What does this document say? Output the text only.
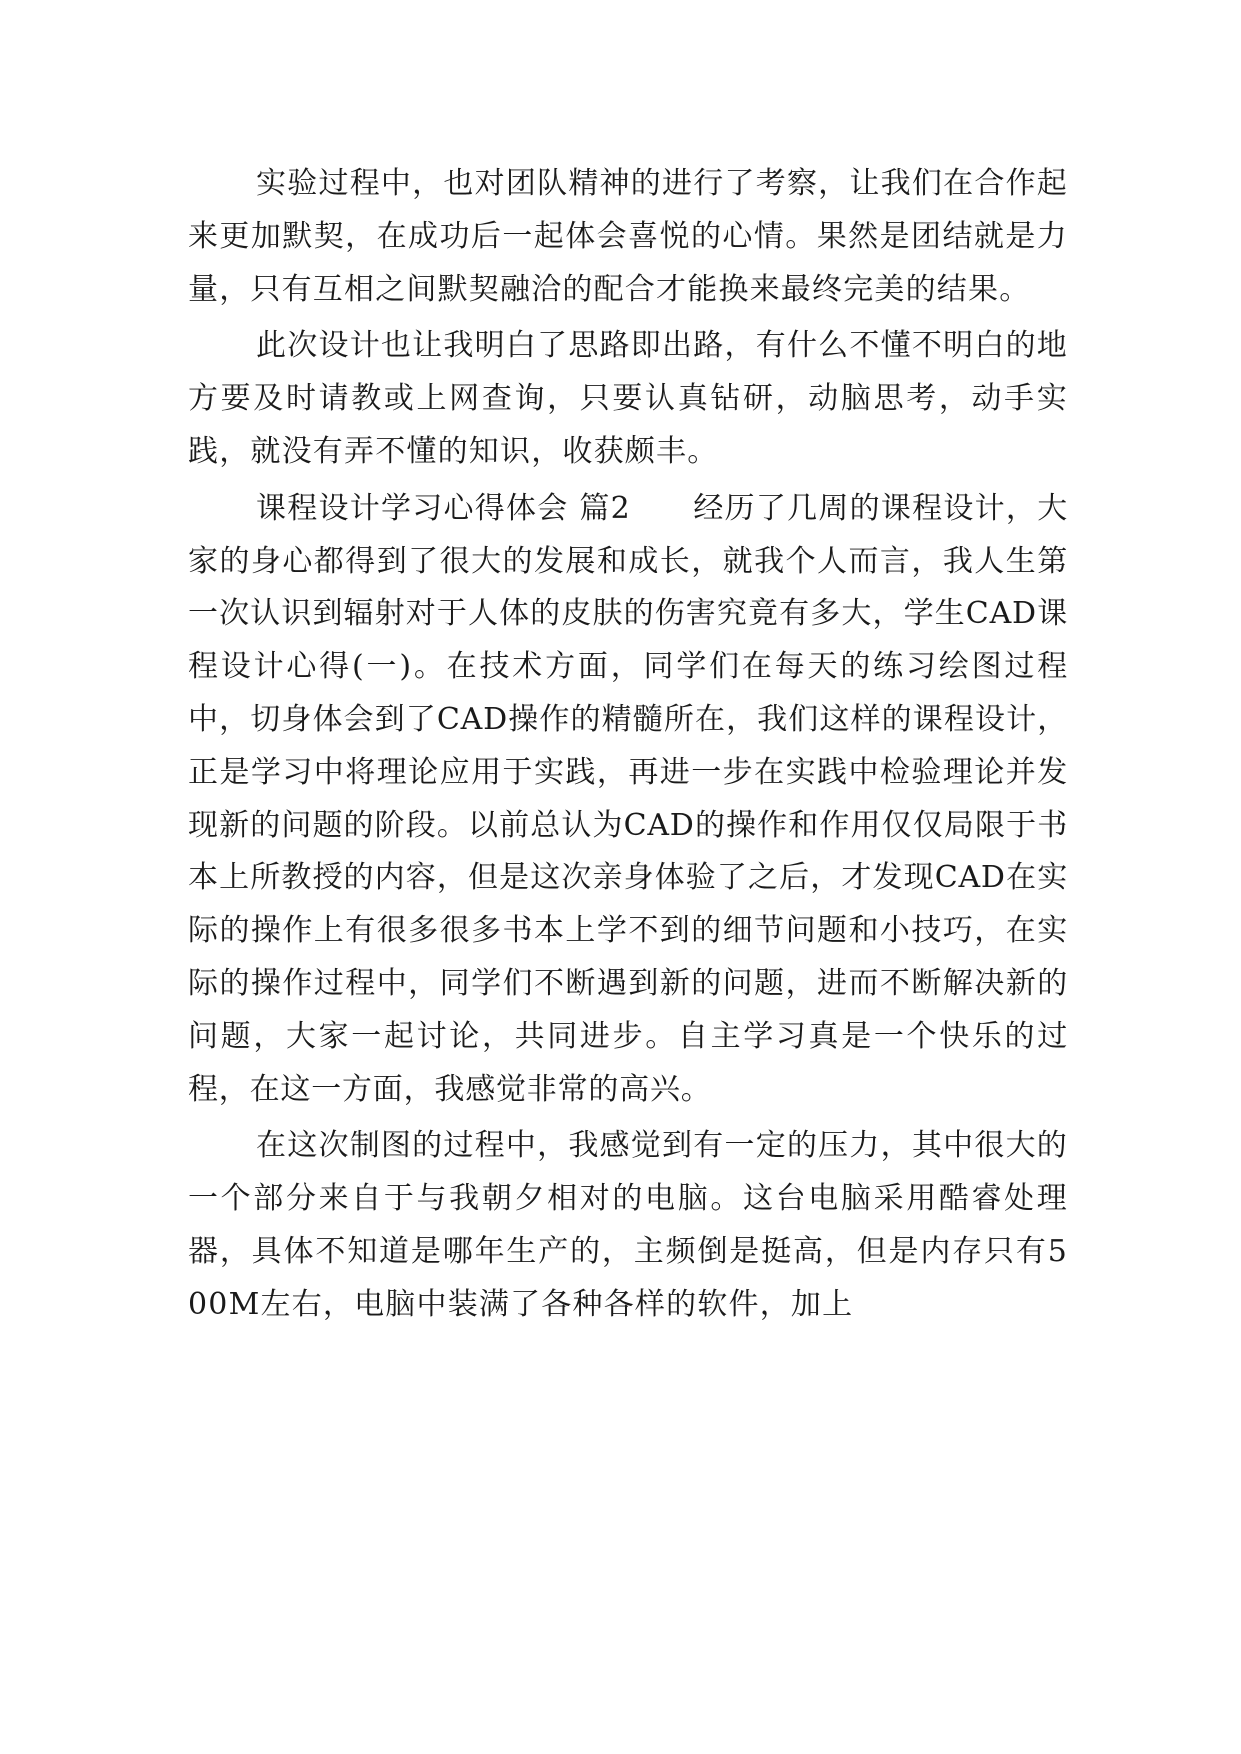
实验过程中，也对团队精神的进行了考察，让我们在合作起来更加默契，在成功后一起体会喜悦的心情。果然是团结就是力量，只有互相之间默契融洽的配合才能换来最终完美的结果。

此次设计也让我明白了思路即出路，有什么不懂不明白的地方要及时请教或上网查询，只要认真钻研，动脑思考，动手实践，就没有弄不懂的知识，收获颇丰。

课程设计学习心得体会 篇2　　经历了几周的课程设计，大家的身心都得到了很大的发展和成长，就我个人而言，我人生第一次认识到辐射对于人体的皮肤的伤害究竟有多大，学生CAD课程设计心得(一)。在技术方面，同学们在每天的练习绘图过程中，切身体会到了CAD操作的精髓所在，我们这样的课程设计，正是学习中将理论应用于实践，再进一步在实践中检验理论并发现新的问题的阶段。以前总认为CAD的操作和作用仅仅局限于书本上所教授的内容，但是这次亲身体验了之后，才发现CAD在实际的操作上有很多很多书本上学不到的细节问题和小技巧，在实际的操作过程中，同学们不断遇到新的问题，进而不断解决新的问题，大家一起讨论，共同进步。自主学习真是一个快乐的过程，在这一方面，我感觉非常的高兴。

在这次制图的过程中，我感觉到有一定的压力，其中很大的一个部分来自于与我朝夕相对的电脑。这台电脑采用酷睿处理器，具体不知道是哪年生产的，主频倒是挺高，但是内存只有500M左右，电脑中装满了各种各样的软件，加上
